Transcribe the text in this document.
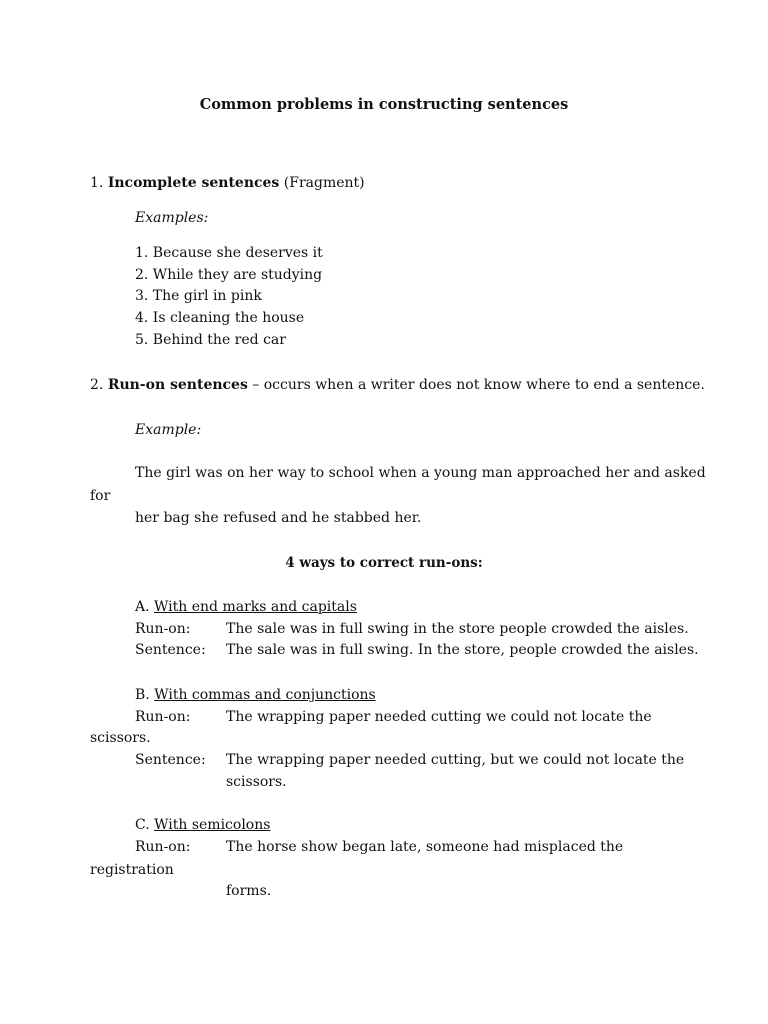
Common problems in constructing sentences
1. Incomplete sentences (Fragment)
Examples:
1. Because she deserves it
2. While they are studying
3. The girl in pink
4. Is cleaning the house
5. Behind the red car
2. Run-on sentences – occurs when a writer does not know where to end a sentence.
Example:
The girl was on her way to school when a young man approached her and asked
for
her bag she refused and he stabbed her.
4 ways to correct run-ons:
A. With end marks and capitals
Run-on:	The sale was in full swing in the store people crowded the aisles.
Sentence: The sale was in full swing. In the store, people crowded the aisles.
B. With commas and conjunctions
Run-on:	The wrapping paper needed cutting we could not locate the
scissors.
Sentence: The wrapping paper needed cutting, but we could not locate the
scissors.
C. With semicolons
Run-on:	The horse show began late, someone had misplaced the
registration
forms.
